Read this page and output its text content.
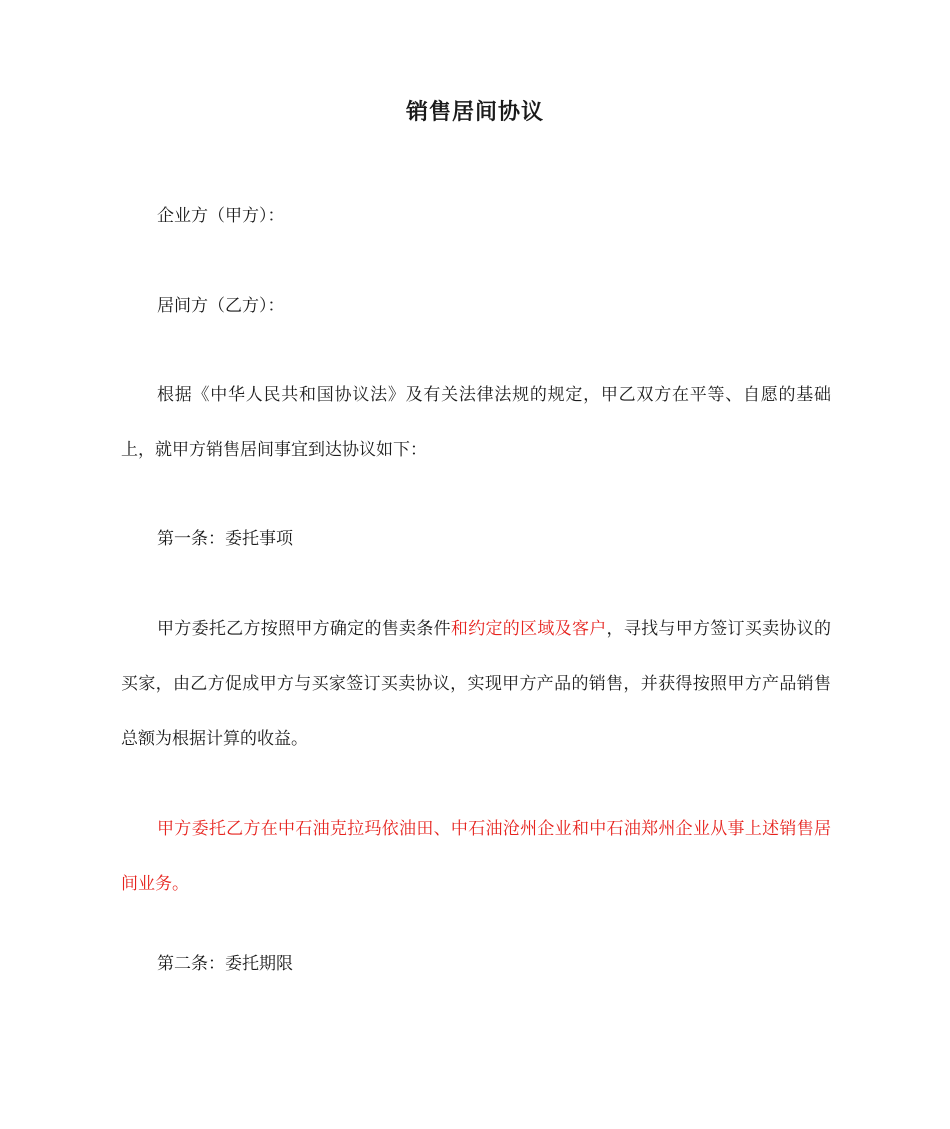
销售居间协议

企业方（甲方）：

居间方（乙方）：

根据《中华人民共和国协议法》及有关法律法规的规定，甲乙双方在平等、自愿的基础上，就甲方销售居间事宜到达协议如下：

第一条：委托事项

甲方委托乙方按照甲方确定的售卖条件和约定的区域及客户，寻找与甲方签订买卖协议的买家，由乙方促成甲方与买家签订买卖协议，实现甲方产品的销售，并获得按照甲方产品销售总额为根据计算的收益。

甲方委托乙方在中石油克拉玛依油田、中石油沧州企业和中石油郑州企业从事上述销售居间业务。

第二条：委托期限
